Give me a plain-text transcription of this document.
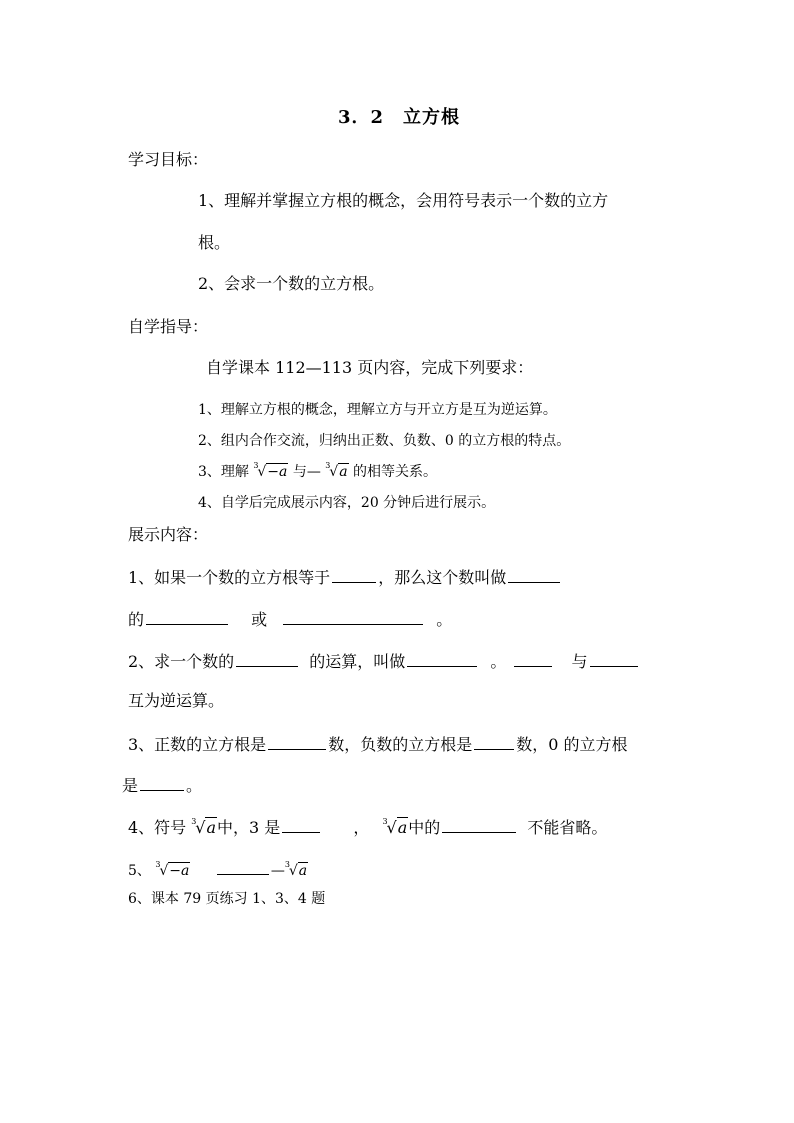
3．2　立方根
学习目标：
1、理解并掌握立方根的概念，会用符号表示一个数的立方
根。
2、会求一个数的立方根。
自学指导：
自学课本 112—113 页内容，完成下列要求：
1、理解立方根的概念，理解立方与开立方是互为逆运算。
2、组内合作交流，归纳出正数、负数、0 的立方根的特点。
3、理解 3
√−a 与— 3
√a 的相等关系。
4、自学后完成展示内容，20 分钟后进行展示。
展示内容：
1、如果一个数的立方根等于	，那么这个数叫做
的	或	。
2、求一个数的	的运算，叫做	。	与
互为逆运算。
3、正数的立方根是	数，负数的立方根是	数，0 的立方根
是	。
4、符号 3
√a中，3 是	， 3
√a中的	不能省略。
5、 3
√−a	— 3
√a
6、课本 79 页练习 1、3、4 题
